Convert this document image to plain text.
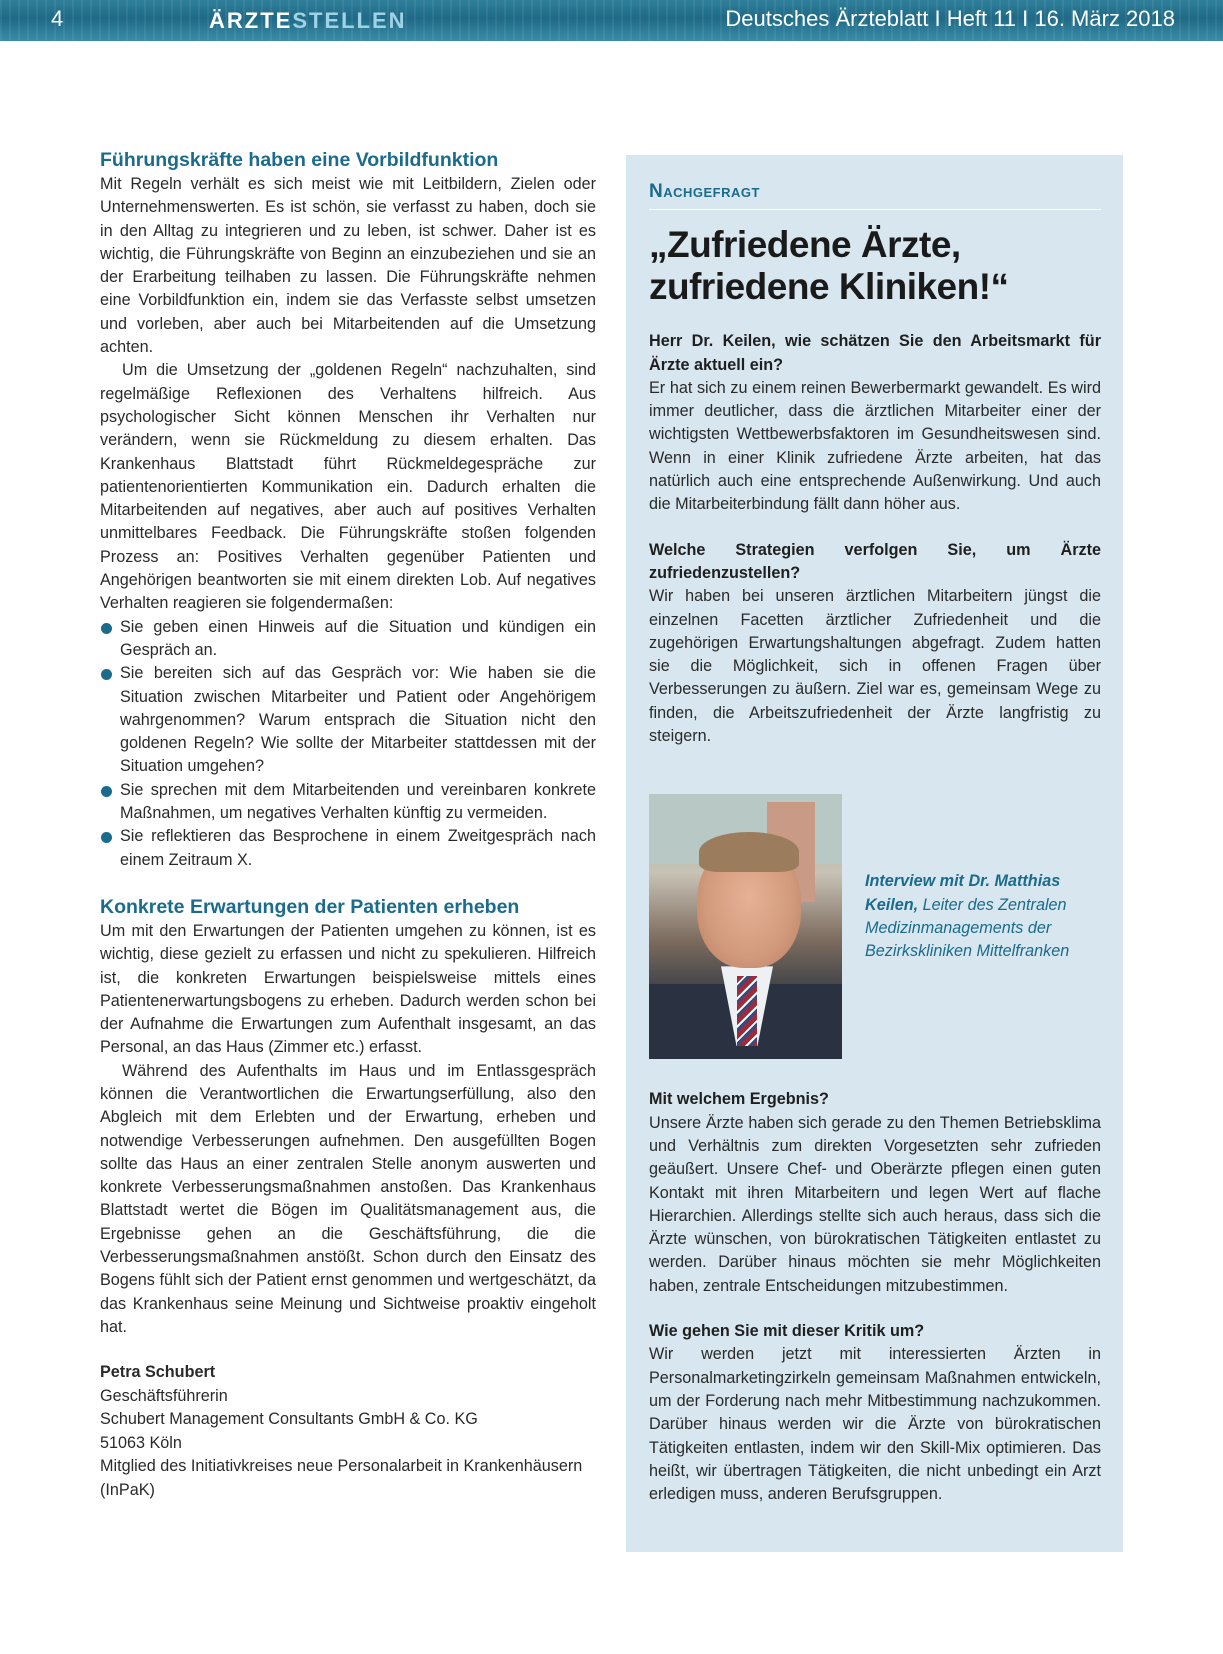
4	ÄRZTESTELLEN	Deutsches Ärzteblatt I Heft 11 I 16. März 2018
Führungskräfte haben eine Vorbildfunktion

Mit Regeln verhält es sich meist wie mit Leitbildern, Zielen oder Unternehmenswerten. Es ist schön, sie verfasst zu haben, doch sie in den Alltag zu integrieren und zu leben, ist schwer. Daher ist es wichtig, die Führungskräfte von Beginn an einzubeziehen und sie an der Erarbeitung teilhaben zu lassen. Die Führungskräfte nehmen eine Vorbildfunktion ein, indem sie das Verfasste selbst umsetzen und vorleben, aber auch bei Mitarbeitenden auf die Umsetzung achten.

Um die Umsetzung der „goldenen Regeln“ nachzuhalten, sind regelmäßige Reflexionen des Verhaltens hilfreich. Aus psychologischer Sicht können Menschen ihr Verhalten nur verändern, wenn sie Rückmeldung zu diesem erhalten. Das Krankenhaus Blattstadt führt Rückmeldegespräche zur patientenorientierten Kommunikation ein. Dadurch erhalten die Mitarbeitenden auf negatives, aber auch auf positives Verhalten unmittelbares Feedback. Die Führungskräfte stoßen folgenden Prozess an: Positives Verhalten gegenüber Patienten und Angehörigen beantworten sie mit einem direkten Lob. Auf negatives Verhalten reagieren sie folgendermaßen:

Sie geben einen Hinweis auf die Situation und kündigen ein Gespräch an.
Sie bereiten sich auf das Gespräch vor: Wie haben sie die Situation zwischen Mitarbeiter und Patient oder Angehörigem wahrgenommen? Warum entsprach die Situation nicht den goldenen Regeln? Wie sollte der Mitarbeiter stattdessen mit der Situation umgehen?
Sie sprechen mit dem Mitarbeitenden und vereinbaren konkrete Maßnahmen, um negatives Verhalten künftig zu vermeiden.
Sie reflektieren das Besprochene in einem Zweitgespräch nach einem Zeitraum X.
Konkrete Erwartungen der Patienten erheben

Um mit den Erwartungen der Patienten umgehen zu können, ist es wichtig, diese gezielt zu erfassen und nicht zu spekulieren. Hilfreich ist, die konkreten Erwartungen beispielsweise mittels eines Patientenerwartungsbogens zu erheben. Dadurch werden schon bei der Aufnahme die Erwartungen zum Aufenthalt insgesamt, an das Personal, an das Haus (Zimmer etc.) erfasst.

Während des Aufenthalts im Haus und im Entlassgespräch können die Verantwortlichen die Erwartungserfüllung, also den Abgleich mit dem Erlebten und der Erwartung, erheben und notwendige Verbesserungen aufnehmen. Den ausgefüllten Bogen sollte das Haus an einer zentralen Stelle anonym auswerten und konkrete Verbesserungsmaßnahmen anstoßen. Das Krankenhaus Blattstadt wertet die Bögen im Qualitätsmanagement aus, die Ergebnisse gehen an die Geschäftsführung, die die Verbesserungsmaßnahmen anstößt. Schon durch den Einsatz des Bogens fühlt sich der Patient ernst genommen und wertgeschätzt, da das Krankenhaus seine Meinung und Sichtweise proaktiv eingeholt hat.

Petra Schubert
Geschäftsführerin
Schubert Management Consultants GmbH & Co. KG
51063 Köln
Mitglied des Initiativkreises neue Personalarbeit in Krankenhäusern (InPaK)
Nachgefragt
„Zufriedene Ärzte,
zufriedene Kliniken!“
Herr Dr. Keilen, wie schätzen Sie den Arbeitsmarkt für Ärzte aktuell ein?
Er hat sich zu einem reinen Bewerbermarkt gewandelt. Es wird immer deutlicher, dass die ärztlichen Mitarbeiter einer der wichtigsten Wettbewerbsfaktoren im Gesundheitswesen sind. Wenn in einer Klinik zufriedene Ärzte arbeiten, hat das natürlich auch eine entsprechende Außenwirkung. Und auch die Mitarbeiterbindung fällt dann höher aus.
Welche Strategien verfolgen Sie, um Ärzte zufriedenzustellen?
Wir haben bei unseren ärztlichen Mitarbeitern jüngst die einzelnen Facetten ärztlicher Zufriedenheit und die zugehörigen Erwartungshaltungen abgefragt. Zudem hatten sie die Möglichkeit, sich in offenen Fragen über Verbesserungen zu äußern. Ziel war es, gemeinsam Wege zu finden, die Arbeitszufriedenheit der Ärzte langfristig zu steigern.
Interview mit Dr. Matthias Keilen, Leiter des Zentralen Medizinmanagements der Bezirkskliniken Mittelfranken
Mit welchem Ergebnis?
Unsere Ärzte haben sich gerade zu den Themen Betriebsklima und Verhältnis zum direkten Vorgesetzten sehr zufrieden geäußert. Unsere Chef- und Oberärzte pflegen einen guten Kontakt mit ihren Mitarbeitern und legen Wert auf flache Hierarchien. Allerdings stellte sich auch heraus, dass sich die Ärzte wünschen, von bürokratischen Tätigkeiten entlastet zu werden. Darüber hinaus möchten sie mehr Möglichkeiten haben, zentrale Entscheidungen mitzubestimmen.
Wie gehen Sie mit dieser Kritik um?
Wir werden jetzt mit interessierten Ärzten in Personalmarketingzirkeln gemeinsam Maßnahmen entwickeln, um der Forderung nach mehr Mitbestimmung nachzukommen. Darüber hinaus werden wir die Ärzte von bürokratischen Tätigkeiten entlasten, indem wir den Skill-Mix optimieren. Das heißt, wir übertragen Tätigkeiten, die nicht unbedingt ein Arzt erledigen muss, anderen Berufsgruppen.
